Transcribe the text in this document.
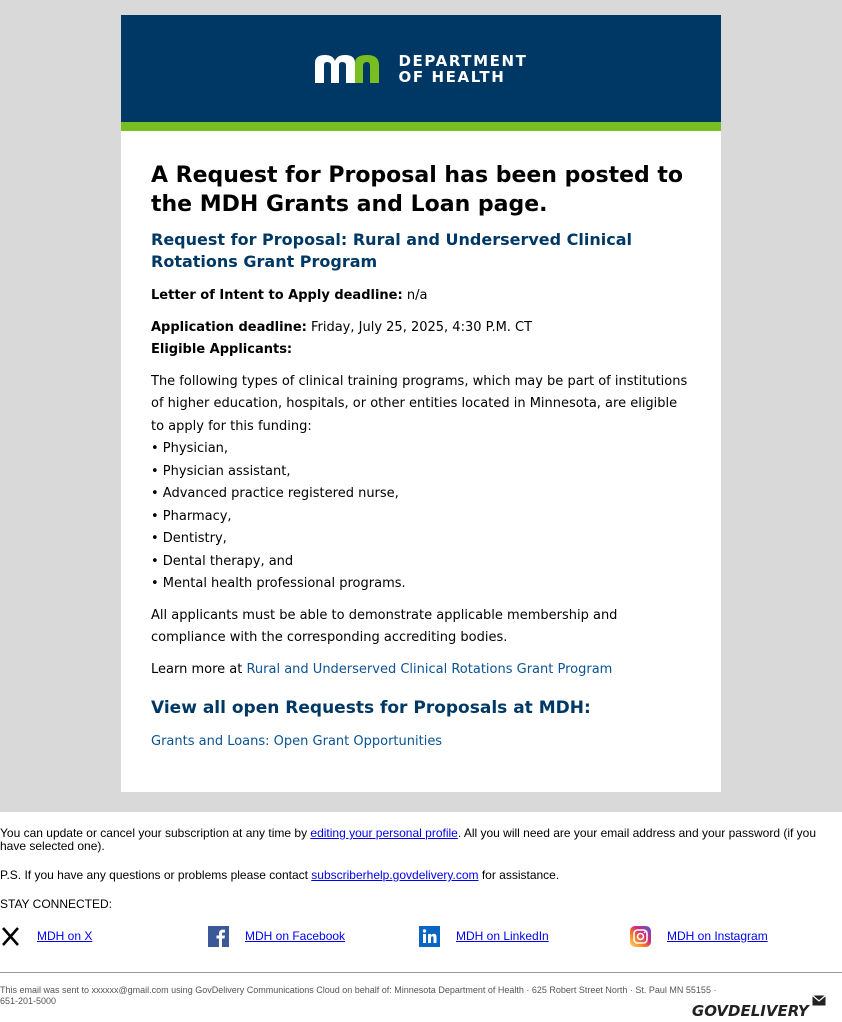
DEPARTMENT
OF HEALTH
A Request for Proposal has been posted to the MDH Grants and Loan page.
Request for Proposal: Rural and Underserved Clinical Rotations Grant Program

Letter of Intent to Apply deadline: n/a

Application deadline: Friday, July 25, 2025, 4:30 P.M. CT

Eligible Applicants:

The following types of clinical training programs, which may be part of institutions of higher education, hospitals, or other entities located in Minnesota, are eligible to apply for this funding:

• Physician,
• Physician assistant,
• Advanced practice registered nurse,
• Pharmacy,
• Dentistry,
• Dental therapy, and
• Mental health professional programs.

All applicants must be able to demonstrate applicable membership and compliance with the corresponding accrediting bodies.

Learn more at Rural and Underserved Clinical Rotations Grant Program

View all open Requests for Proposals at MDH:

Grants and Loans: Open Grant Opportunities

You can update or cancel your subscription at any time by editing your personal profile. All you will need are your email address and your password (if you have selected one).

P.S. If you have any questions or problems please contact subscriberhelp.govdelivery.com for assistance.

STAY CONNECTED:

MDH on X	MDH on Facebook	MDH on LinkedIn	MDH on Instagram
This email was sent to xxxxxx@gmail.com using GovDelivery Communications Cloud on behalf of: Minnesota Department of Health · 625 Robert Street North · St. Paul MN 55155 · 651-201-5000
GOVDELIVERY
